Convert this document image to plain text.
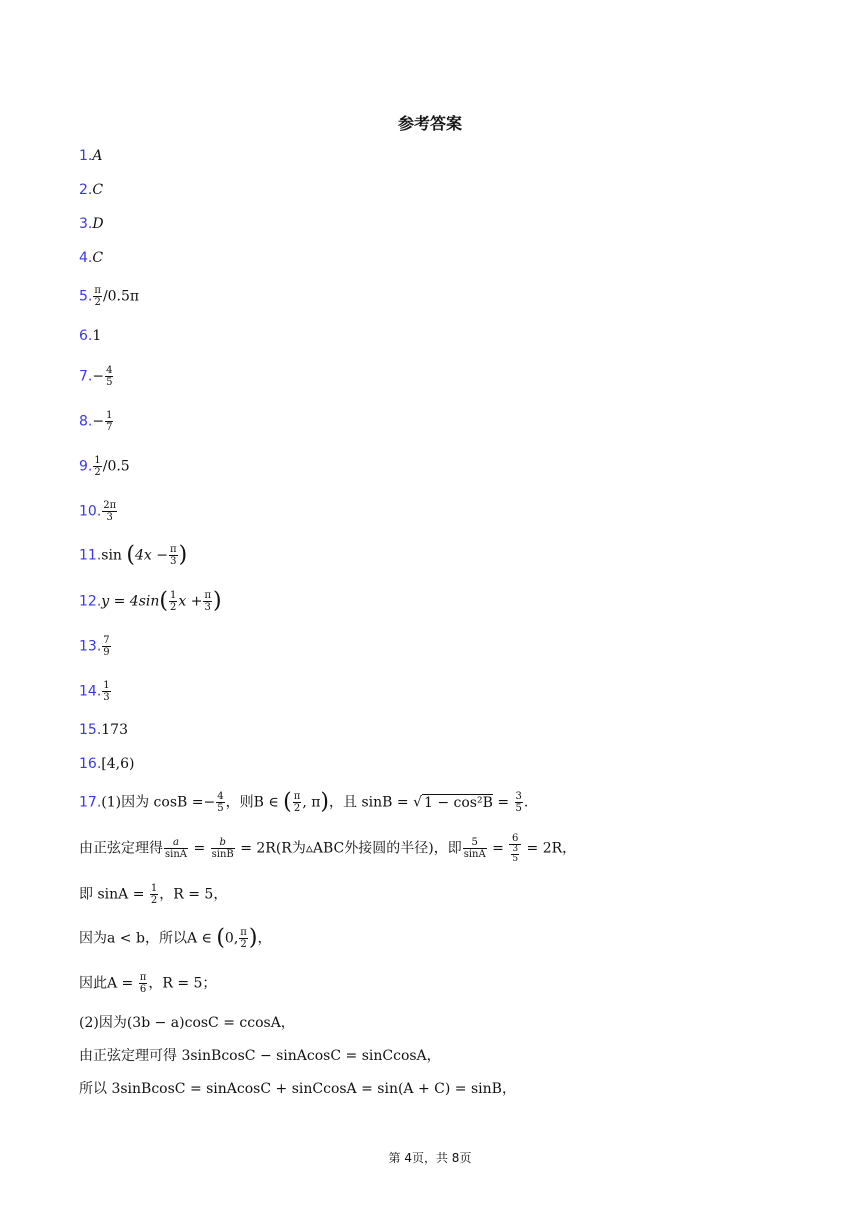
参考答案
1.A
2.C
3.D
4.C
5. $\frac{\pi}{2} /0.5\pi$
6.1
$7.- \frac{4}{5}$
$8.- \frac{1}{7}$
9. $\frac{1}{2} /0.5$
10. $\frac{2\pi}{3}$
11.sin ($4x - \frac{\pi}{3}$ )
$12.y = 4\sin( \frac{1}{2}$ $x + \frac{\pi}{3}$ )
13. $\frac{7}{9}$
14. $\frac{1}{3}$
15.173
16.[4,6)
17.(1)因为 $\cos B =- \frac{4}{5}$ ，则B ∈ ( $\frac{\pi}{2}$ , π)，且 sinB = √ $1 - \cos^2B = \frac{3}{5}$ .
由正弦定理得 $\frac{a}{\sin A} = \frac{b}{\sin B} = 2R(R$为▵ABC外接圆的半径)，即 $\frac{5}{\sin A} = \frac{6}{\frac{3}{5}} = 2R$，
即 $\sin A = \frac{1}{2}$ ，R = 5，
因为a < b，所以A ∈ (0, $\frac{\pi}{2}$ )，
因此$A = \frac{\pi}{6}$ ，R = 5；
(2)因为(3b − a)cosC = ccosA，
由正弦定理可得 3sinBcosC − sinAcosC = sinCcosA，
所以 3sinBcosC = sinAcosC + sinCcosA = sin(A + C) = sinB，
第 4页，共 8页
